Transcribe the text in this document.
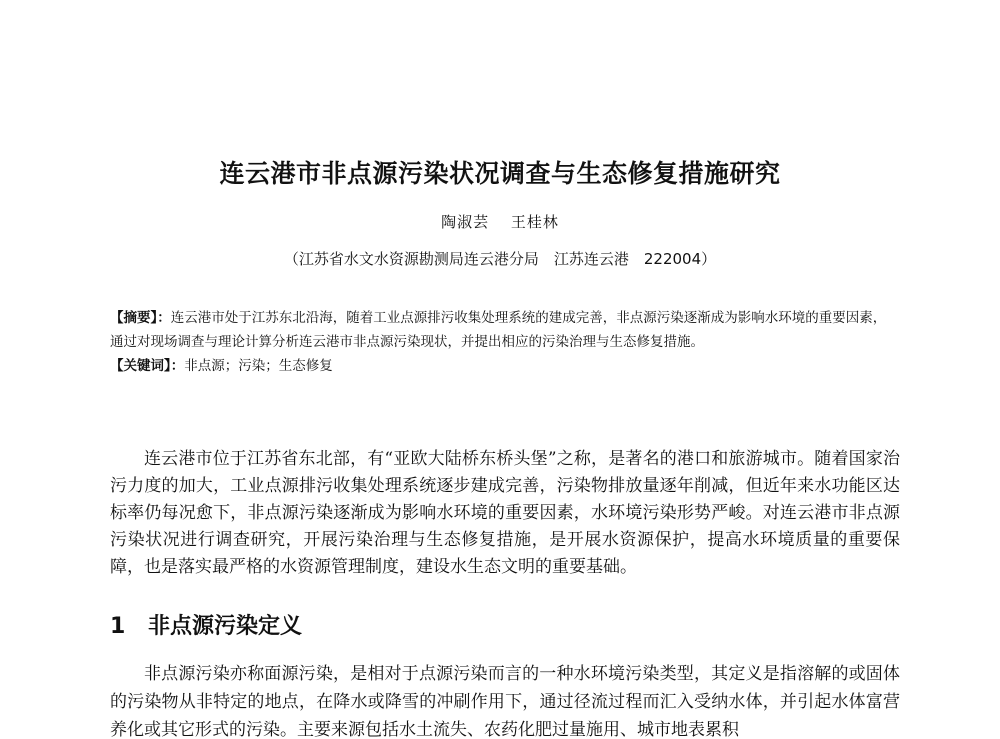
连云港市非点源污染状况调查与生态修复措施研究
陶淑芸 王桂林
（江苏省水文水资源勘测局连云港分局　江苏连云港　222004）

【摘要】：连云港市处于江苏东北沿海，随着工业点源排污收集处理系统的建成完善，非点源污染逐渐成为影响水环境的重要因素，通过对现场调查与理论计算分析连云港市非点源污染现状，并提出相应的污染治理与生态修复措施。

【关键词】：非点源；污染；生态修复

连云港市位于江苏省东北部，有“亚欧大陆桥东桥头堡”之称，是著名的港口和旅游城市。随着国家治污力度的加大，工业点源排污收集处理系统逐步建成完善，污染物排放量逐年削减，但近年来水功能区达标率仍每况愈下，非点源污染逐渐成为影响水环境的重要因素，水环境污染形势严峻。对连云港市非点源污染状况进行调查研究，开展污染治理与生态修复措施，是开展水资源保护，提高水环境质量的重要保障，也是落实最严格的水资源管理制度，建设水生态文明的重要基础。

1 非点源污染定义

非点源污染亦称面源污染，是相对于点源污染而言的一种水环境污染类型，其定义是指溶解的或固体的污染物从非特定的地点，在降水或降雪的冲刷作用下，通过径流过程而汇入受纳水体，并引起水体富营养化或其它形式的污染。主要来源包括水土流失、农药化肥过量施用、城市地表累积
